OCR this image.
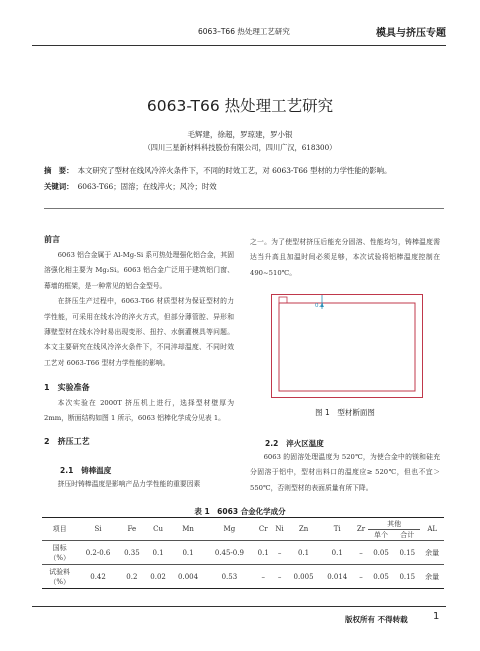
6063–T66 热处理工艺研究	模具与挤压专题
6063-T66 热处理工艺研究
毛辉建，徐超，罗琼建，罗小银
（四川三星新材料科技股份有限公司，四川广汉，618300）
摘　要： 本文研究了型材在线风冷淬火条件下，不同的时效工艺，对 6063-T66 型材的力学性能的影响。
关键词： 6063-T66；固溶；在线淬火；风冷；时效
前言

6063 铝合金属于 Al-Mg-Si 系可热处理强化铝合金，其固溶强化相主要为 Mg₂Si。6063 铝合金广泛用于建筑铝门窗、幕墙的框架，是一种常见的铝合金型号。

在挤压生产过程中，6063-T66 材质型材为保证型材的力学性能，可采用在线水冷的淬火方式，但部分薄管腔、异形和薄壁型材在线水冷时易出现变形、扭拧、水倒灌模具等问题。本文主要研究在线风冷淬火条件下，不同淬却温度、不同时效工艺对 6063-T66 型材力学性能的影响。

1 实验准备

本次实验在 2000T 挤压机上进行，选择型材壁厚为 2mm，断面结构如图 1 所示，6063 铝棒化学成分见表 1。

2 挤压工艺
2.1 铸棒温度

挤压时铸棒温度是影响产品力学性能的重要因素

之一。为了使型材挤压后能充分固溶、性能均匀，铸棒温度需达当升高且加温时间必须足够，本次试验将铝棒温度控制在 490~510℃。

0.4
图 1　型材断面图
2.2 淬火区温度

6063 的固溶处理温度为 520℃，为使合金中的镁和硅充分固溶于铝中，型材出料口的温度应≥ 520℃，但也不宜＞ 550℃，否则型材的表面质量有所下降。

表 1　6063 合金化学成分
项目	Si	Fe	Cu	Mn	Mg	Cr	Ni	Zn	Ti	Zr	其他		AL
											单个	合计	
国标
（%）	0.2-0.6	0.35	0.1	0.1	0.45-0.9	0.1	–	0.1	0.1	–	0.05	0.15	余量
试验料
（%）	0.42	0.2	0.02	0.004	0.53	–	–	0.005	0.014	–	0.05	0.15	余量
版权所有 不得转载	1
